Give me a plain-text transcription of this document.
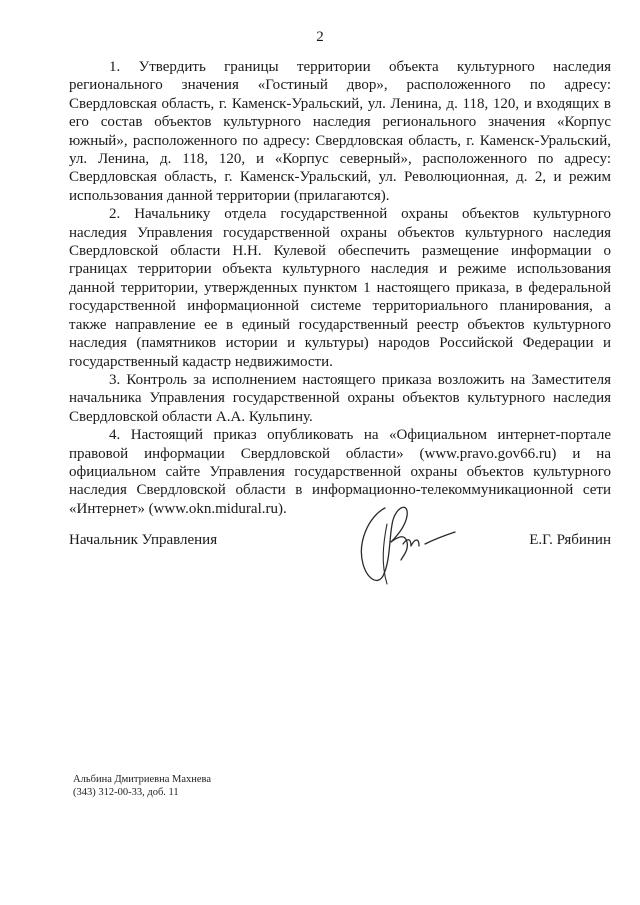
2

1. Утвердить границы территории объекта культурного наследия регионального значения «Гостиный двор», расположенного по адресу: Свердловская область, г. Каменск-Уральский, ул. Ленина, д. 118, 120, и входящих в его состав объектов культурного наследия регионального значения «Корпус южный», расположенного по адресу: Свердловская область, г. Каменск-Уральский, ул. Ленина, д. 118, 120, и «Корпус северный», расположенного по адресу: Свердловская область, г. Каменск-Уральский, ул. Революционная, д. 2, и режим использования данной территории (прилагаются).

2. Начальнику отдела государственной охраны объектов культурного наследия Управления государственной охраны объектов культурного наследия Свердловской области Н.Н. Кулевой обеспечить размещение информации о границах территории объекта культурного наследия и режиме использования данной территории, утвержденных пунктом 1 настоящего приказа, в федеральной государственной информационной системе территориального планирования, а также направление ее в единый государственный реестр объектов культурного наследия (памятников истории и культуры) народов Российской Федерации и государственный кадастр недвижимости.

3. Контроль за исполнением настоящего приказа возложить на Заместителя начальника Управления государственной охраны объектов культурного наследия Свердловской области А.А. Кульпину.

4. Настоящий приказ опубликовать на «Официальном интернет-портале правовой информации Свердловской области» (www.pravo.gov66.ru) и на официальном сайте Управления государственной охраны объектов культурного наследия Свердловской области в информационно-телекоммуникационной сети «Интернет» (www.okn.midural.ru).

Начальник Управления	Е.Г. Рябинин
Альбина Дмитриевна Махнева
(343) 312-00-33, доб. 11
